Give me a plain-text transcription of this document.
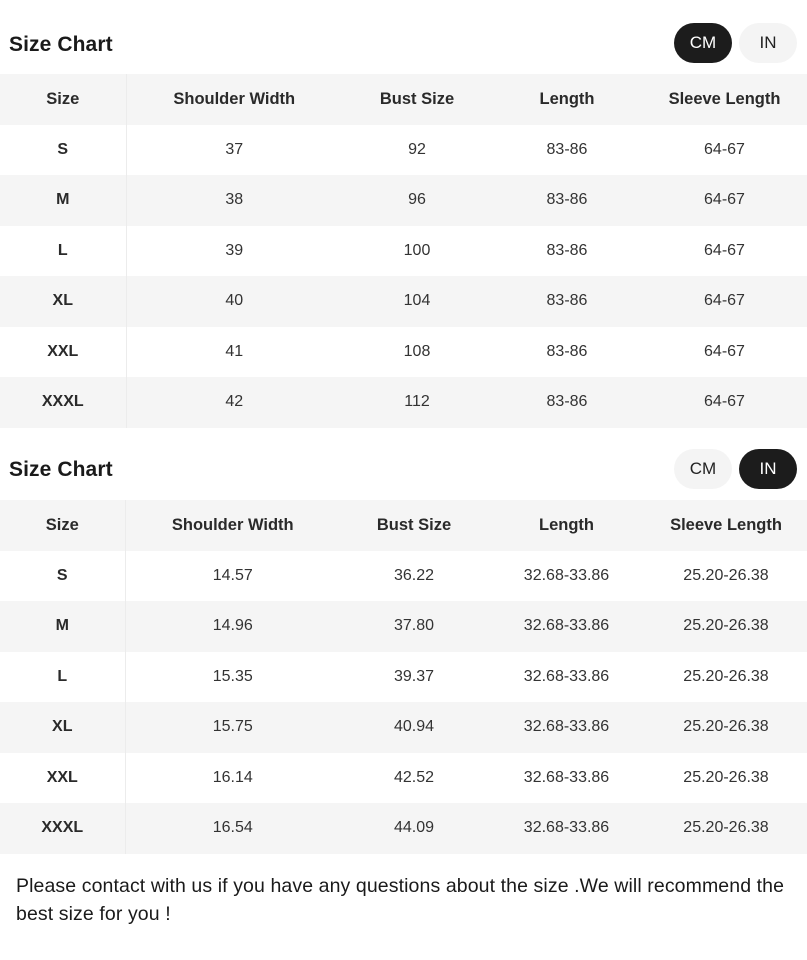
Size Chart	CM	IN
Size	Shoulder Width	Bust Size	Length	Sleeve Length
S	37	92	83-86	64-67
M	38	96	83-86	64-67
L	39	100	83-86	64-67
XL	40	104	83-86	64-67
XXL	41	108	83-86	64-67
XXXL	42	112	83-86	64-67
Size Chart	CM	IN
Size	Shoulder Width	Bust Size	Length	Sleeve Length
S	14.57	36.22	32.68-33.86	25.20-26.38
M	14.96	37.80	32.68-33.86	25.20-26.38
L	15.35	39.37	32.68-33.86	25.20-26.38
XL	15.75	40.94	32.68-33.86	25.20-26.38
XXL	16.14	42.52	32.68-33.86	25.20-26.38
XXXL	16.54	44.09	32.68-33.86	25.20-26.38
Please contact with us if you have any questions about the size .We will recommend the best size for you !
